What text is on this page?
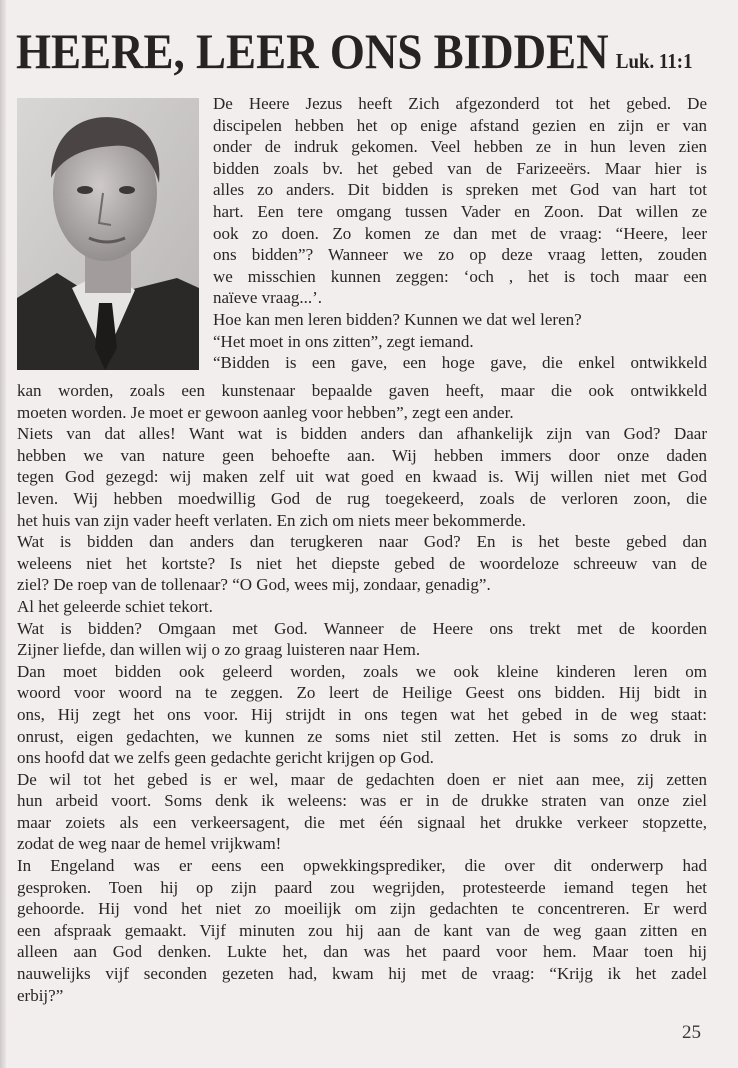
HEERE, LEER ONS BIDDEN Luk. 11:1
De Heere Jezus heeft Zich afgezonderd tot het gebed. De
discipelen hebben het op enige afstand gezien en zijn er van
onder de indruk gekomen. Veel hebben ze in hun leven zien
bidden zoals bv. het gebed van de Farizeeërs. Maar hier is
alles zo anders. Dit bidden is spreken met God van hart tot
hart. Een tere omgang tussen Vader en Zoon. Dat willen ze
ook zo doen. Zo komen ze dan met de vraag: “Heere, leer
ons bidden”? Wanneer we zo op deze vraag letten, zouden
we misschien kunnen zeggen: ‘och , het is toch maar een
naïeve vraag...’.
Hoe kan men leren bidden? Kunnen we dat wel leren?
“Het moet in ons zitten”, zegt iemand.
“Bidden is een gave, een hoge gave, die enkel ontwikkeld
kan worden, zoals een kunstenaar bepaalde gaven heeft, maar die ook ontwikkeld
moeten worden. Je moet er gewoon aanleg voor hebben”, zegt een ander.
Niets van dat alles! Want wat is bidden anders dan afhankelijk zijn van God? Daar
hebben we van nature geen behoefte aan. Wij hebben immers door onze daden
tegen God gezegd: wij maken zelf uit wat goed en kwaad is. Wij willen niet met God
leven. Wij hebben moedwillig God de rug toegekeerd, zoals de verloren zoon, die
het huis van zijn vader heeft verlaten. En zich om niets meer bekommerde.
Wat is bidden dan anders dan terugkeren naar God? En is het beste gebed dan
weleens niet het kortste? Is niet het diepste gebed de woordeloze schreeuw van de
ziel? De roep van de tollenaar? “O God, wees mij, zondaar, genadig”.
Al het geleerde schiet tekort.
Wat is bidden? Omgaan met God. Wanneer de Heere ons trekt met de koorden
Zijner liefde, dan willen wij o zo graag luisteren naar Hem.
Dan moet bidden ook geleerd worden, zoals we ook kleine kinderen leren om
woord voor woord na te zeggen. Zo leert de Heilige Geest ons bidden. Hij bidt in
ons, Hij zegt het ons voor. Hij strijdt in ons tegen wat het gebed in de weg staat:
onrust, eigen gedachten, we kunnen ze soms niet stil zetten. Het is soms zo druk in
ons hoofd dat we zelfs geen gedachte gericht krijgen op God.
De wil tot het gebed is er wel, maar de gedachten doen er niet aan mee, zij zetten
hun arbeid voort. Soms denk ik weleens: was er in de drukke straten van onze ziel
maar zoiets als een verkeersagent, die met één signaal het drukke verkeer stopzette,
zodat de weg naar de hemel vrijkwam!
In Engeland was er eens een opwekkingsprediker, die over dit onderwerp had
gesproken. Toen hij op zijn paard zou wegrijden, protesteerde iemand tegen het
gehoorde. Hij vond het niet zo moeilijk om zijn gedachten te concentreren. Er werd
een afspraak gemaakt. Vijf minuten zou hij aan de kant van de weg gaan zitten en
alleen aan God denken. Lukte het, dan was het paard voor hem. Maar toen hij
nauwelijks vijf seconden gezeten had, kwam hij met de vraag: “Krijg ik het zadel
erbij?”
25
